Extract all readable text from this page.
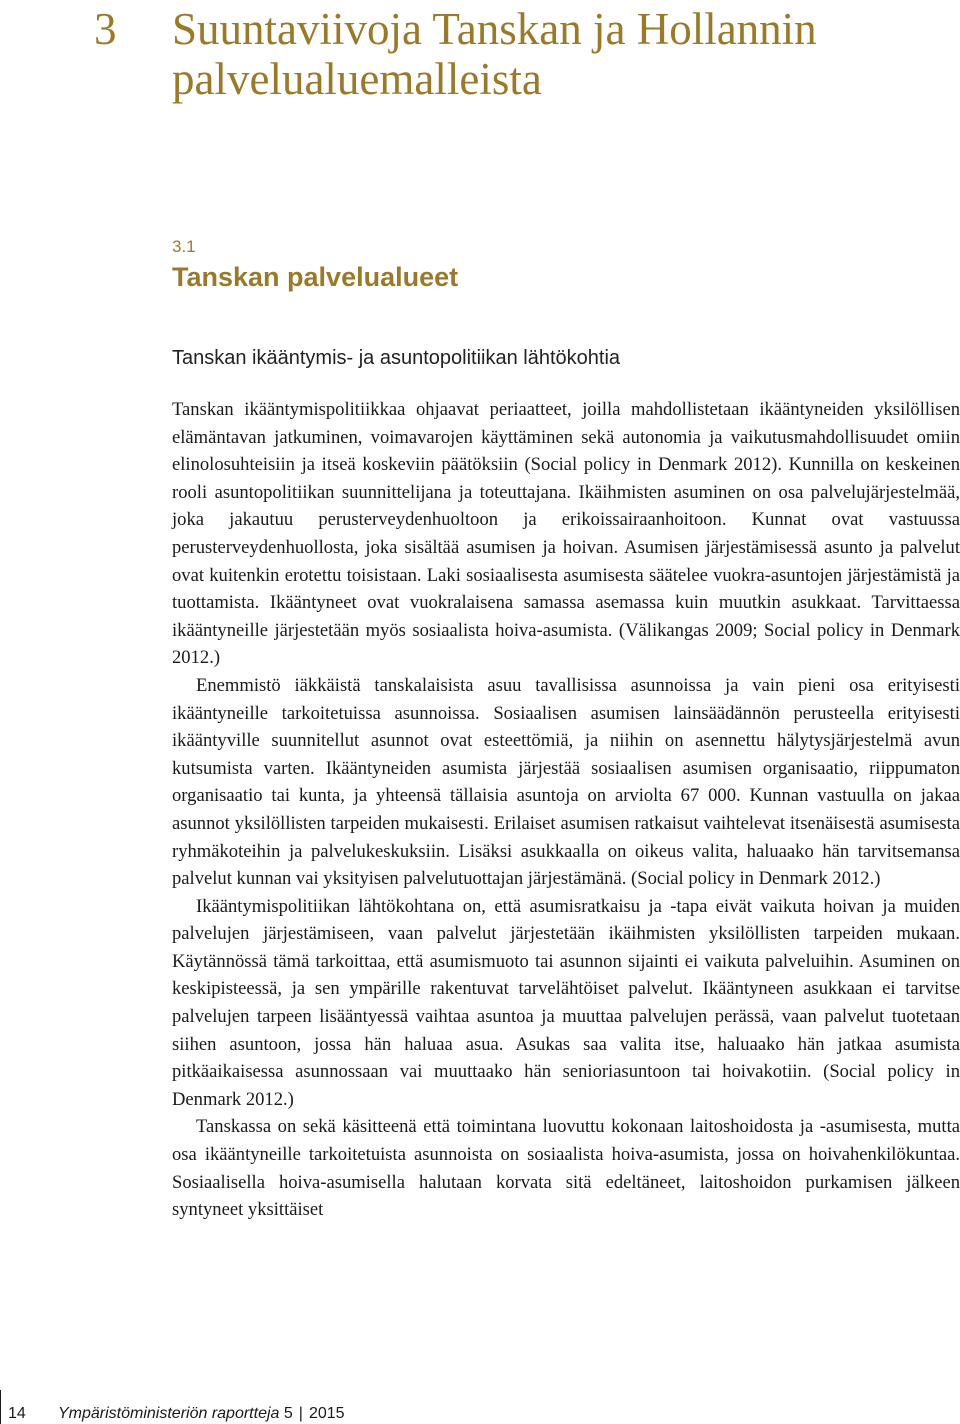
3 Suuntaviivoja Tanskan ja Hollannin palvelualuemalleista
3.1
Tanskan palvelualueet
Tanskan ikääntymis- ja asuntopolitiikan lähtökohtia

Tanskan ikääntymispolitiikkaa ohjaavat periaatteet, joilla mahdollistetaan ikääntyneiden yksilöllisen elämäntavan jatkuminen, voimavarojen käyttäminen sekä autonomia ja vaikutusmahdollisuudet omiin elinolosuhteisiin ja itseä koskeviin päätöksiin (Social policy in Denmark 2012). Kunnilla on keskeinen rooli asuntopolitiikan suunnittelijana ja toteuttajana. Ikäihmisten asuminen on osa palvelujärjestelmää, joka jakautuu perusterveydenhuoltoon ja erikoissairaanhoitoon. Kunnat ovat vastuussa perusterveydenhuollosta, joka sisältää asumisen ja hoivan. Asumisen järjestämisessä asunto ja palvelut ovat kuitenkin erotettu toisistaan. Laki sosiaalisesta asumisesta säätelee vuokra-asuntojen järjestämistä ja tuottamista. Ikääntyneet ovat vuokralaisena samassa asemassa kuin muutkin asukkaat. Tarvittaessa ikääntyneille järjestetään myös sosiaalista hoiva-asumista. (Välikangas 2009; Social policy in Denmark 2012.)

Enemmistö iäkkäistä tanskalaisista asuu tavallisissa asunnoissa ja vain pieni osa erityisesti ikääntyneille tarkoitetuissa asunnoissa. Sosiaalisen asumisen lainsäädännön perusteella erityisesti ikääntyville suunnitellut asunnot ovat esteettömiä, ja niihin on asennettu hälytysjärjestelmä avun kutsumista varten. Ikääntyneiden asumista järjestää sosiaalisen asumisen organisaatio, riippumaton organisaatio tai kunta, ja yhteensä tällaisia asuntoja on arviolta 67 000. Kunnan vastuulla on jakaa asunnot yksilöllisten tarpeiden mukaisesti. Erilaiset asumisen ratkaisut vaihtelevat itsenäisestä asumisesta ryhmäkoteihin ja palvelukeskuksiin. Lisäksi asukkaalla on oikeus valita, haluaako hän tarvitsemansa palvelut kunnan vai yksityisen palvelutuottajan järjestämänä. (Social policy in Denmark 2012.)

Ikääntymispolitiikan lähtökohtana on, että asumisratkaisu ja -tapa eivät vaikuta hoivan ja muiden palvelujen järjestämiseen, vaan palvelut järjestetään ikäihmisten yksilöllisten tarpeiden mukaan. Käytännössä tämä tarkoittaa, että asumismuoto tai asunnon sijainti ei vaikuta palveluihin. Asuminen on keskipisteessä, ja sen ympärille rakentuvat tarvelähtöiset palvelut. Ikääntyneen asukkaan ei tarvitse palvelujen tarpeen lisääntyessä vaihtaa asuntoa ja muuttaa palvelujen perässä, vaan palvelut tuotetaan siihen asuntoon, jossa hän haluaa asua. Asukas saa valita itse, haluaako hän jatkaa asumista pitkäaikaisessa asunnossaan vai muuttaako hän senioriasuntoon tai hoivakotiin. (Social policy in Denmark 2012.)

Tanskassa on sekä käsitteenä että toimintana luovuttu kokonaan laitoshoidosta ja -asumisesta, mutta osa ikääntyneille tarkoitetuista asunnoista on sosiaalista hoiva-asumista, jossa on hoivahenkilökuntaa. Sosiaalisella hoiva-asumisella halutaan korvata sitä edeltäneet, laitoshoidon purkamisen jälkeen syntyneet yksittäiset

14 Ympäristöministeriön raportteja 5 | 2015
